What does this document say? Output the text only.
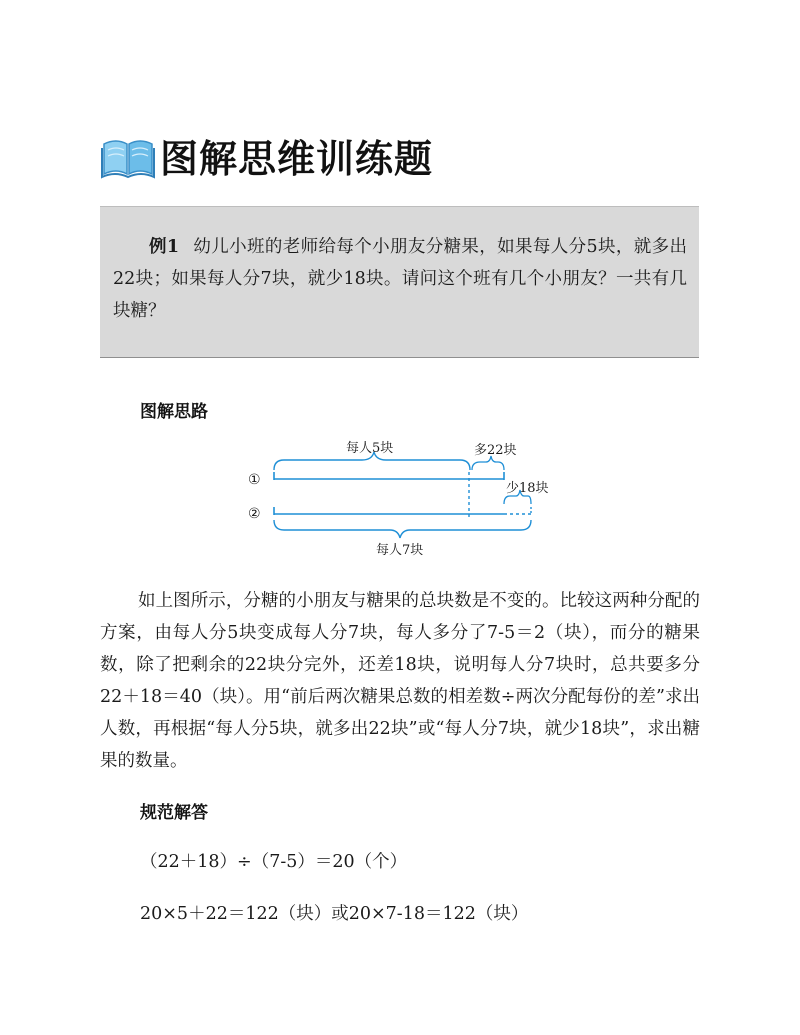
图解思维训练题
例1 幼儿小班的老师给每个小朋友分糖果，如果每人分5块，就多出22块；如果每人分7块，就少18块。请问这个班有几个小朋友？一共有几块糖？
图解思路
每人5块	多22块
①
少18块
②
每人7块
如上图所示，分糖的小朋友与糖果的总块数是不变的。比较这两种分配的方案，由每人分5块变成每人分7块，每人多分了7-5＝2（块），而分的糖果数，除了把剩余的22块分完外，还差18块，说明每人分7块时，总共要多分22＋18＝40（块）。用“前后两次糖果总数的相差数÷两次分配每份的差”求出人数，再根据“每人分5块，就多出22块”或“每人分7块，就少18块”，求出糖果的数量。
规范解答
（22＋18）÷（7-5）＝20（个）
20×5＋22＝122（块）或20×7-18＝122（块）
